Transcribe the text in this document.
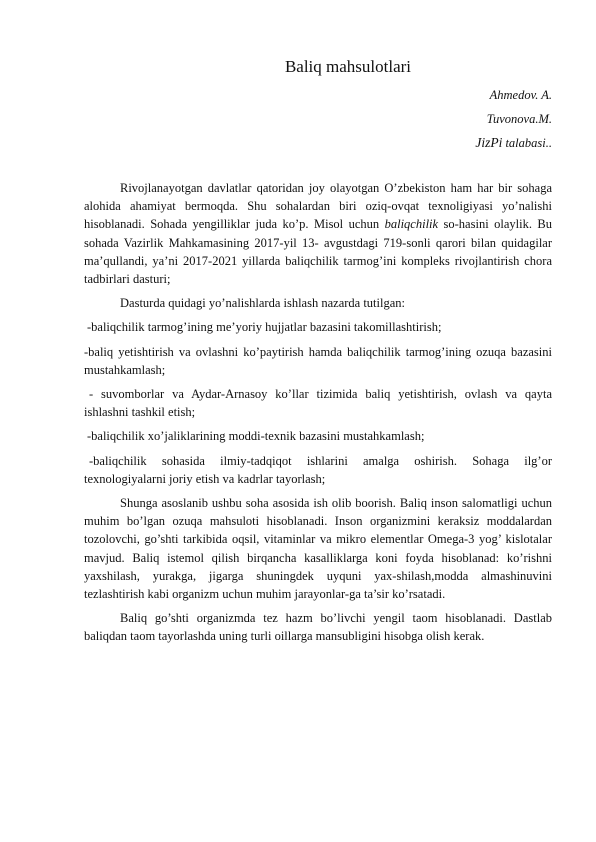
Baliq mahsulotlari
Ahmedov. A.
Tuvonova.M.
JizPi talabasi..

Rivojlanayotgan davlatlar qatoridan joy olayotgan O’zbekiston ham har bir sohaga alohida ahamiyat bermoqda. Shu sohalardan biri oziq-ovqat texnoligiyasi yo’nalishi hisoblanadi. Sohada yengilliklar juda ko’p. Misol uchun baliqchilik so-hasini olaylik. Bu sohada Vazirlik Mahkamasining 2017-yil 13- avgustdagi 719-sonli qarori bilan quidagilar ma’qullandi, ya’ni 2017-2021 yillarda baliqchilik tarmog’ini kompleks rivojlantirish chora tadbirlari dasturi;

Dasturda quidagi yo’nalishlarda ishlash nazarda tutilgan:

-baliqchilik tarmog’ining me’yoriy hujjatlar bazasini takomillashtirish;

-baliq yetishtirish va ovlashni ko’paytirish hamda baliqchilik tarmog’ining ozuqa bazasini mustahkamlash;

- suvomborlar va Aydar-Arnasoy ko’llar tizimida baliq yetishtirish, ovlash va qayta ishlashni tashkil etish;

-baliqchilik xo’jaliklarining moddi-texnik bazasini mustahkamlash;

-baliqchilik sohasida ilmiy-tadqiqot ishlarini amalga oshirish. Sohaga ilg’or texnologiyalarni joriy etish va kadrlar tayorlash;

Shunga asoslanib ushbu soha asosida ish olib boorish. Baliq inson salomatligi uchun muhim bo’lgan ozuqa mahsuloti hisoblanadi. Inson organizmini keraksiz moddalardan tozolovchi, go’shti tarkibida oqsil, vitaminlar va mikro elementlar Omega-3 yog’ kislotalar mavjud. Baliq istemol qilish birqancha kasalliklarga koni foyda hisoblanad: ko’rishni yaxshilash, yurakga, jigarga shuningdek uyquni yax-shilash,modda almashinuvini tezlashtirish kabi organizm uchun muhim jarayonlar-ga ta’sir ko’rsatadi.

Baliq go’shti organizmda tez hazm bo’livchi yengil taom hisoblanadi. Dastlab baliqdan taom tayorlashda uning turli oillarga mansubligini hisobga olish kerak.
